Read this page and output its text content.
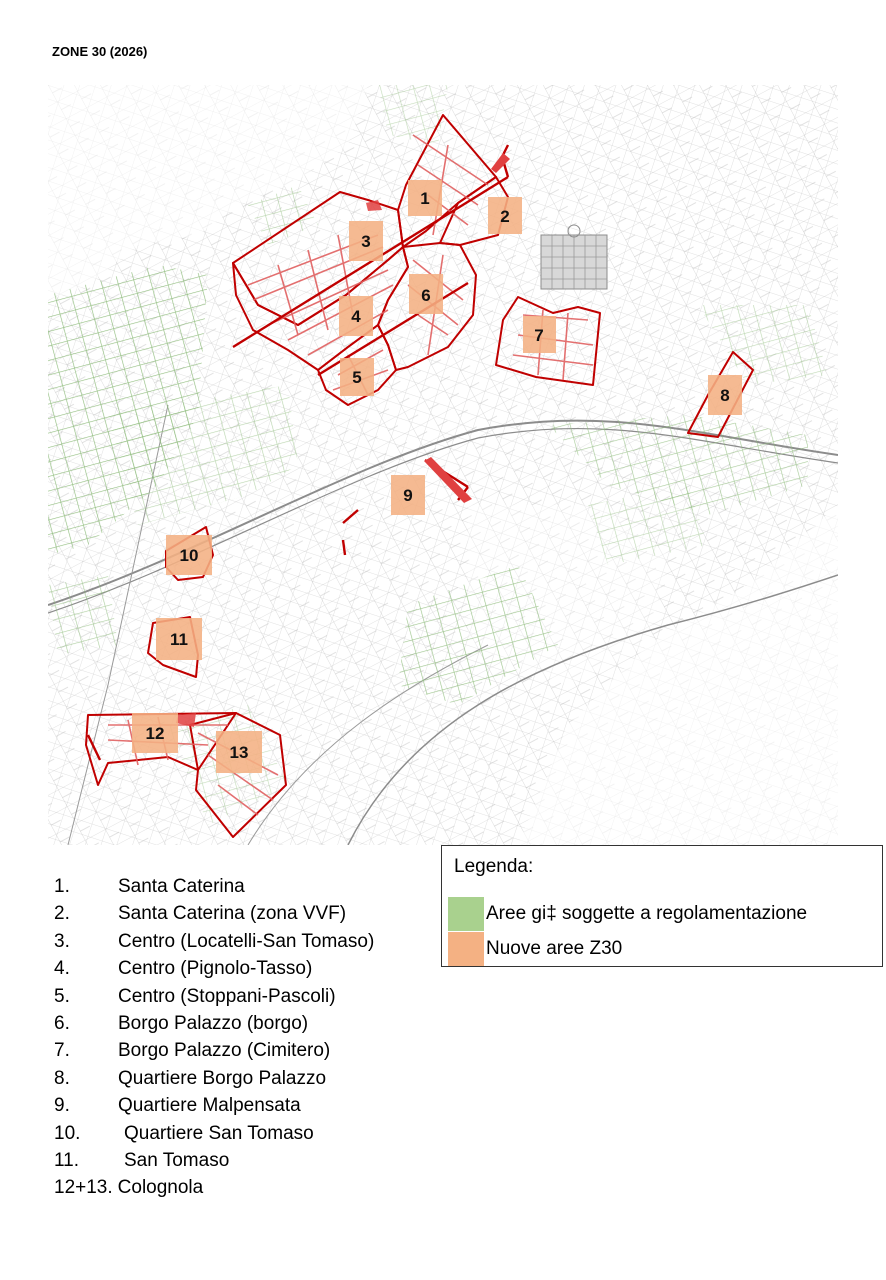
ZONE 30 (2026)
1
2
3
4
5
6
7
8
9
10
11
12
13
1.	Santa Caterina
2.	Santa Caterina (zona VVF)
3.	Centro (Locatelli-San Tomaso)
4.	Centro (Pignolo-Tasso)
5.	Centro (Stoppani-Pascoli)
6.	Borgo Palazzo (borgo)
7.	Borgo Palazzo (Cimitero)
8.	Quartiere Borgo Palazzo
9.	Quartiere Malpensata
10. Quartiere San Tomaso
11. San Tomaso
12+13. Colognola
Legenda:
Aree gi‡ soggette a regolamentazione
Nuove aree Z30
